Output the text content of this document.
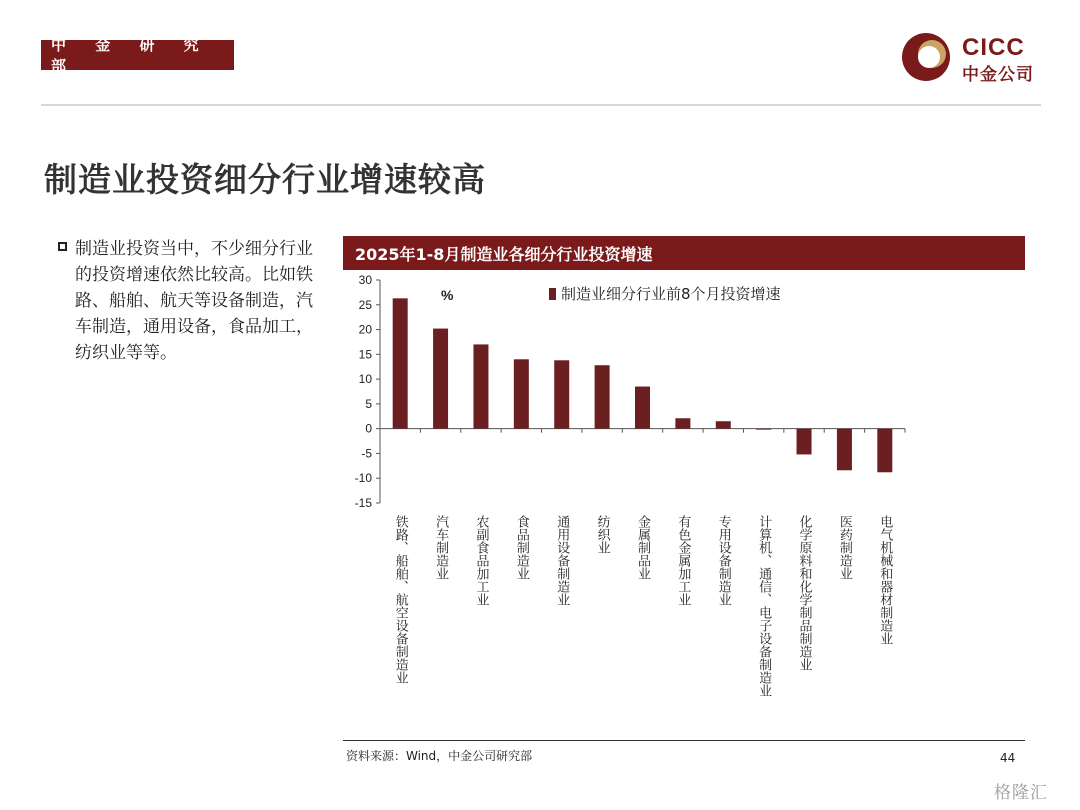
中 金 研 究 部
CICC
中金公司
制造业投资细分行业增速较高

制造业投资当中，不少细分行业的投资增速依然比较高。比如铁路、船舶、航天等设备制造，汽车制造，通用设备，食品加工，纺织业等等。

2025年1-8月制造业各细分行业投资增速
30
25
20
15
10
5
0
-5
-10
-15
铁路、船舶、航空设备制造业 汽车制造业 农副食品加工业 食品制造业 通用设备制造业 纺织业 金属制品业 有色金属加工业 专用设备制造业 计算机、通信、电子设备制造业 化学原料和化学制品制造业 医药制造业 电气机械和器材制造业
%	制造业细分行业前8个月投资增速
资料来源：Wind，中金公司研究部	44
格隆汇
